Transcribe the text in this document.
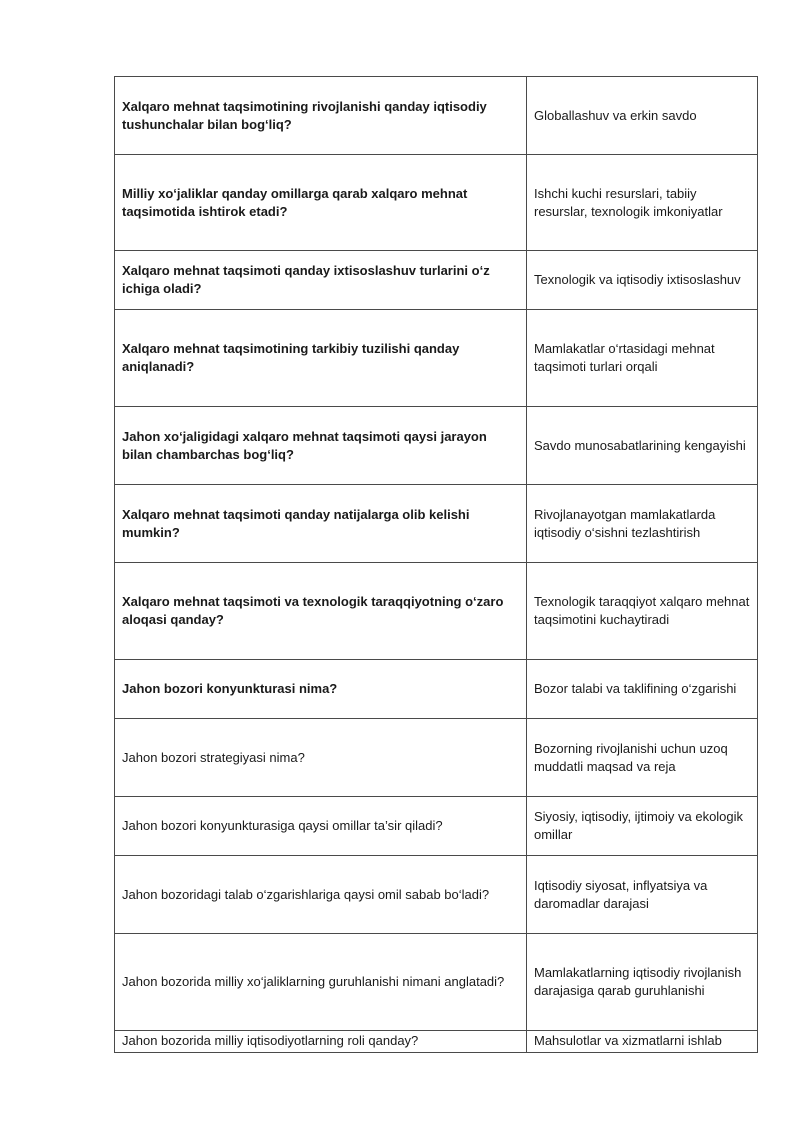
Xalqaro mehnat taqsimotining rivojlanishi qanday iqtisodiy tushunchalar bilan bog‘liq?	Globallashuv va erkin savdo
Milliy xo‘jaliklar qanday omillarga qarab xalqaro mehnat taqsimotida ishtirok etadi?	Ishchi kuchi resurslari, tabiiy resurslar, texnologik imkoniyatlar
Xalqaro mehnat taqsimoti qanday ixtisoslashuv turlarini o‘z ichiga oladi?	Texnologik va iqtisodiy ixtisoslashuv
Xalqaro mehnat taqsimotining tarkibiy tuzilishi qanday aniqlanadi?	Mamlakatlar o‘rtasidagi mehnat taqsimoti turlari orqali
Jahon xo‘jaligidagi xalqaro mehnat taqsimoti qaysi jarayon bilan chambarchas bog‘liq?	Savdo munosabatlarining kengayishi
Xalqaro mehnat taqsimoti qanday natijalarga olib kelishi mumkin?	Rivojlanayotgan mamlakatlarda iqtisodiy o‘sishni tezlashtirish
Xalqaro mehnat taqsimoti va texnologik taraqqiyotning o‘zaro aloqasi qanday?	Texnologik taraqqiyot xalqaro mehnat taqsimotini kuchaytiradi
Jahon bozori konyunkturasi nima?	Bozor talabi va taklifining o‘zgarishi
Jahon bozori strategiyasi nima?	Bozorning rivojlanishi uchun uzoq muddatli maqsad va reja
Jahon bozori konyunkturasiga qaysi omillar ta’sir qiladi?	Siyosiy, iqtisodiy, ijtimoiy va ekologik omillar
Jahon bozoridagi talab o‘zgarishlariga qaysi omil sabab bo‘ladi?	Iqtisodiy siyosat, inflyatsiya va daromadlar darajasi
Jahon bozorida milliy xo‘jaliklarning guruhlanishi nimani anglatadi?	Mamlakatlarning iqtisodiy rivojlanish darajasiga qarab guruhlanishi
Jahon bozorida milliy iqtisodiyotlarning roli qanday?	Mahsulotlar va xizmatlarni ishlab
